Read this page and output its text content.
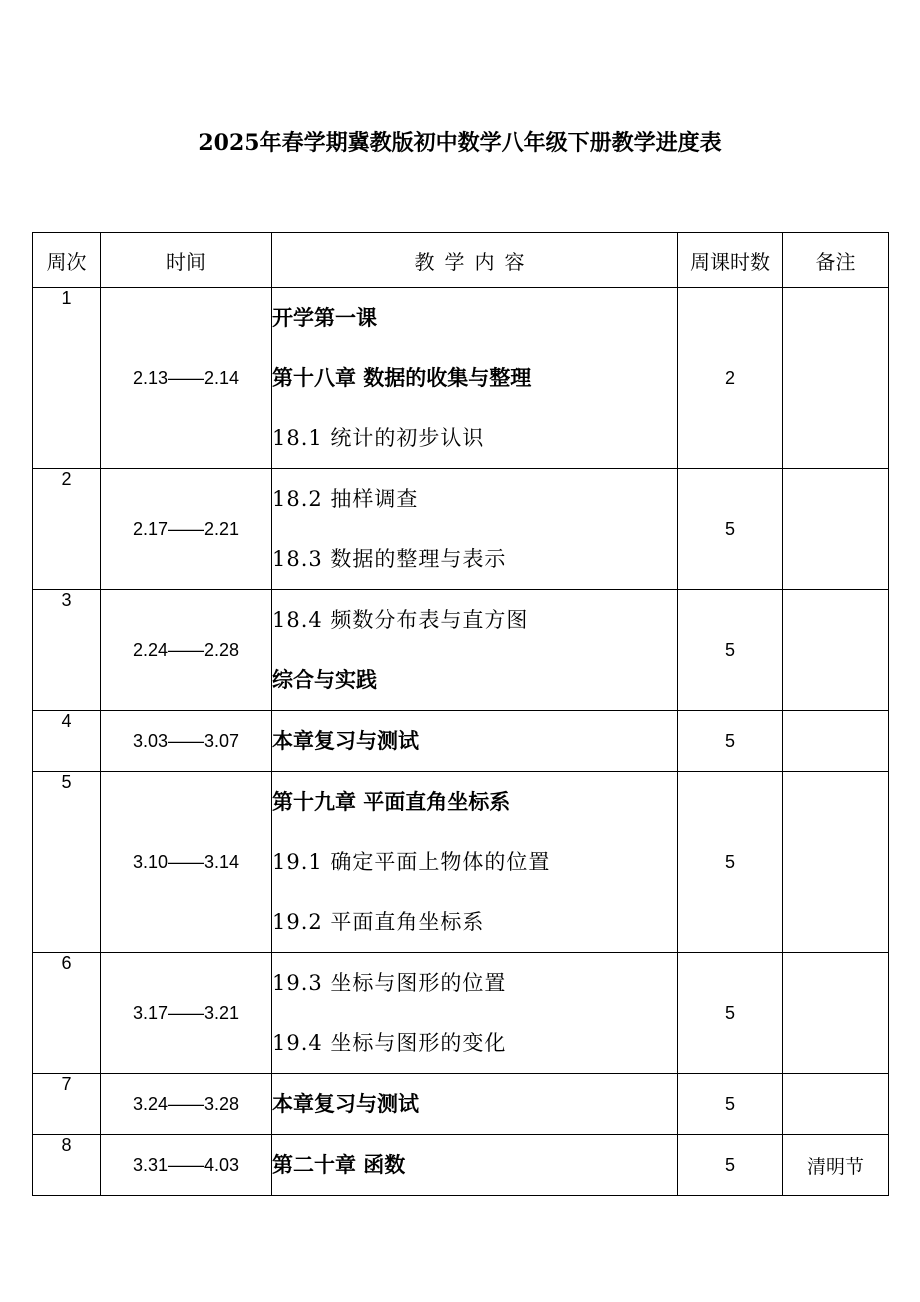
2025年春学期冀教版初中数学八年级下册教学进度表
周次	时间	教学内容	周课时数	备注
1	2.13——2.14	开学第一课
第十八章 数据的收集与整理
18.1 统计的初步认识	2	
2	2.17——2.21	18.2 抽样调查
18.3 数据的整理与表示	5	
3	2.24——2.28	18.4 频数分布表与直方图
综合与实践	5	
4	3.03——3.07	本章复习与测试	5	
5	3.10——3.14	第十九章 平面直角坐标系
19.1 确定平面上物体的位置
19.2 平面直角坐标系	5	
6	3.17——3.21	19.3 坐标与图形的位置
19.4 坐标与图形的变化	5	
7	3.24——3.28	本章复习与测试	5	
8	3.31——4.03	第二十章 函数	5	清明节
